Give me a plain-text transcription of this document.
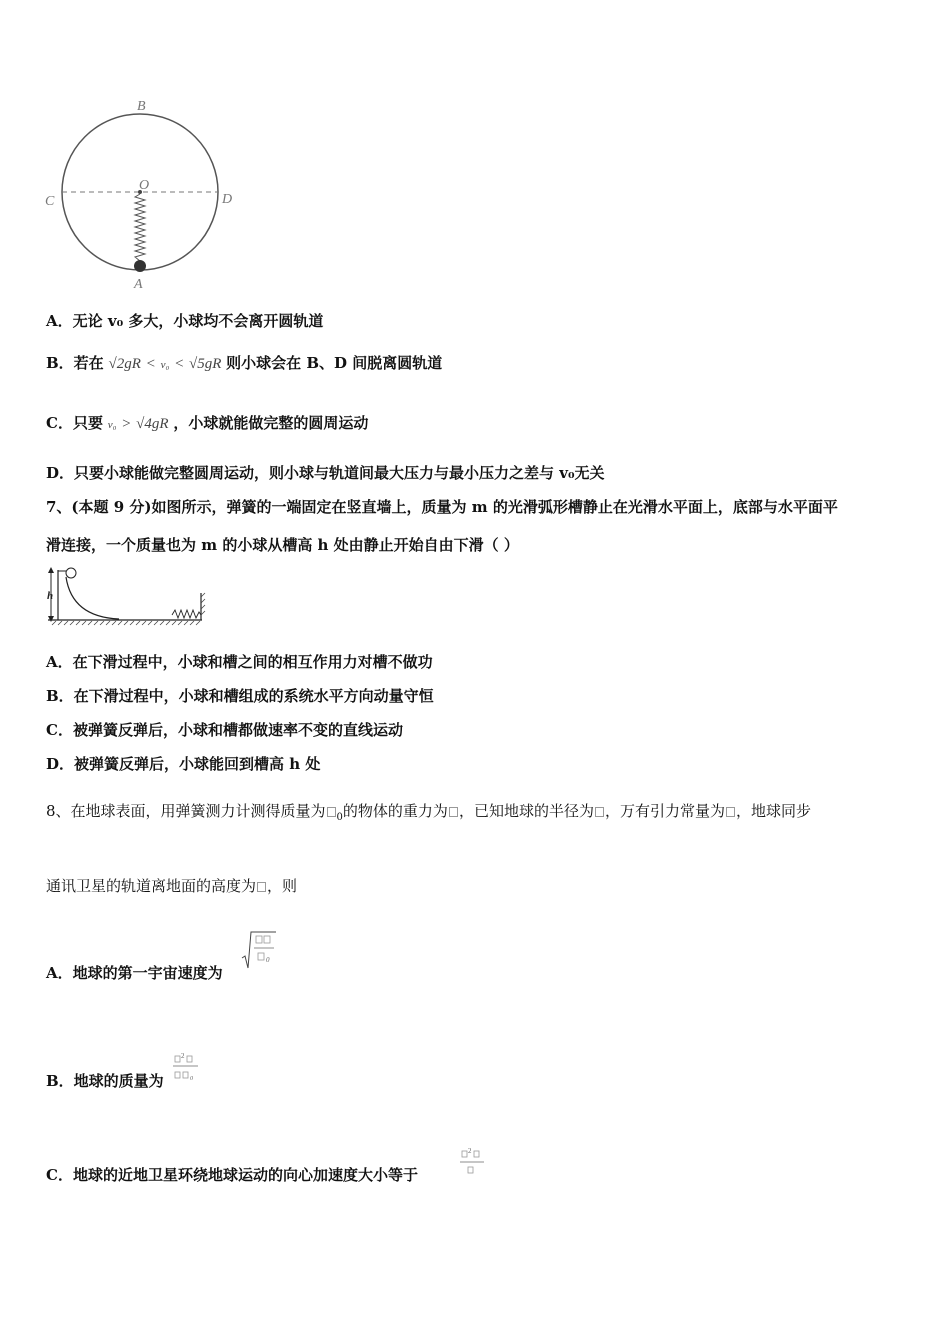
B
O
C	D
A
A．无论 v₀ 多大，小球均不会离开圆轨道
B．若在 √2gR < v₀ < √5gR 则小球会在 B、D 间脱离圆轨道
C．只要 v₀ > √4gR ，小球就能做完整的圆周运动
D．只要小球能做完整圆周运动，则小球与轨道间最大压力与最小压力之差与 v₀无关
7、(本题 9 分)如图所示，弹簧的一端固定在竖直墙上，质量为 m 的光滑弧形槽静止在光滑水平面上，底部与水平面平
滑连接，一个质量也为 m 的小球从槽高 h 处由静止开始自由下滑（ ）
h
A．在下滑过程中，小球和槽之间的相互作用力对槽不做功
B．在下滑过程中，小球和槽组成的系统水平方向动量守恒
C．被弹簧反弹后，小球和槽都做速率不变的直线运动
D．被弹簧反弹后，小球能回到槽高 h 处
8、在地球表面，用弹簧测力计测得质量为 $_0$的物体的重力为 ，已知地球的半径为 ，万有引力常量为 ，地球同步
通讯卫星的轨道离地面的高度为 ，则
A．地球的第一宇宙速度为
0
B．地球的质量为
2
0
C．地球的近地卫星环绕地球运动的向心加速度大小等于
2
